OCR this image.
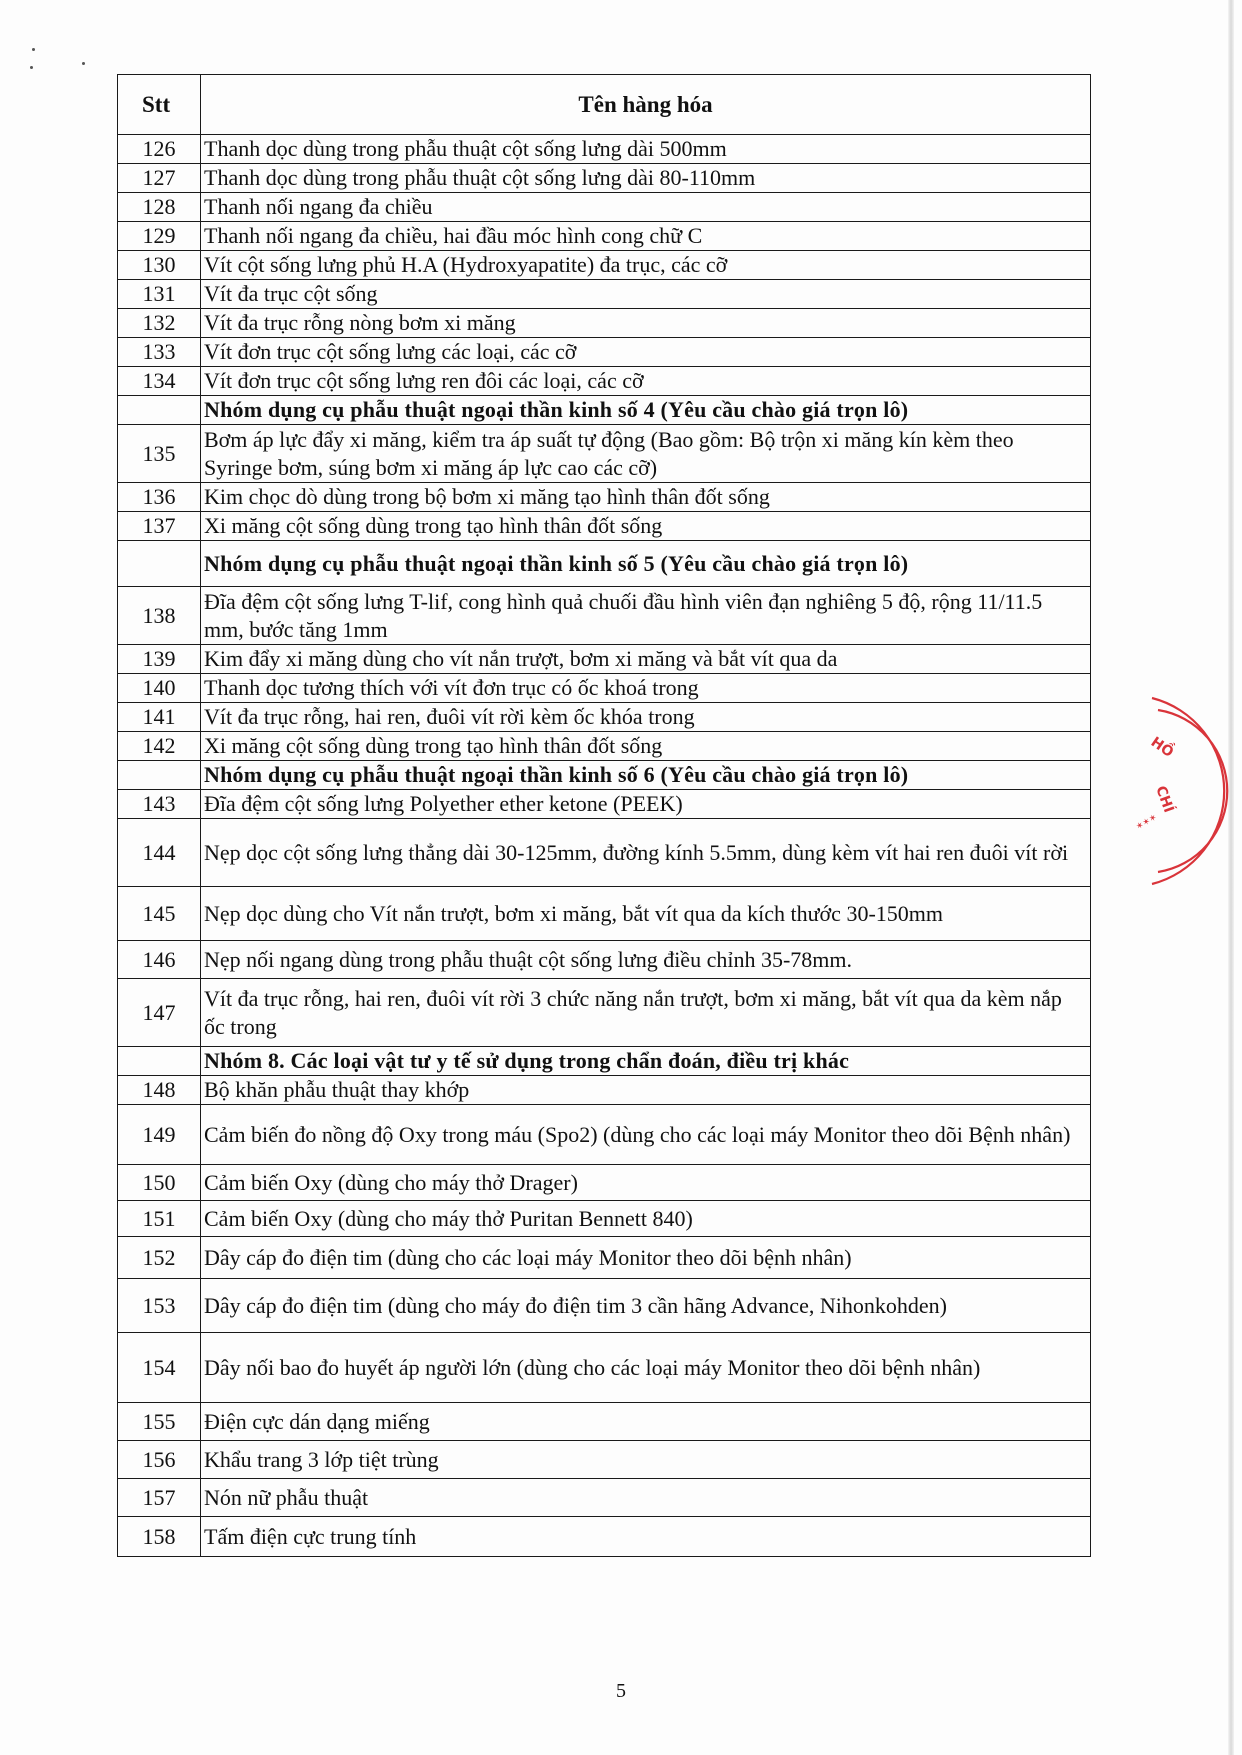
Stt	Tên hàng hóa
126	Thanh dọc dùng trong phẫu thuật cột sống lưng dài 500mm
127	Thanh dọc dùng trong phẫu thuật cột sống lưng dài 80-110mm
128	Thanh nối ngang đa chiều
129	Thanh nối ngang đa chiều, hai đầu móc hình cong chữ C
130	Vít cột sống lưng phủ H.A (Hydroxyapatite) đa trục, các cỡ
131	Vít đa trục cột sống
132	Vít đa trục rỗng nòng bơm xi măng
133	Vít đơn trục cột sống lưng các loại, các cỡ
134	Vít đơn trục cột sống lưng ren đôi các loại, các cỡ
	Nhóm dụng cụ phẫu thuật ngoại thần kinh số 4 (Yêu cầu chào giá trọn lô)
135	Bơm áp lực đẩy xi măng, kiểm tra áp suất tự động (Bao gồm: Bộ trộn xi măng kín kèm theo Syringe bơm, súng bơm xi măng áp lực cao các cỡ)
136	Kim chọc dò dùng trong bộ bơm xi măng tạo hình thân đốt sống
137	Xi măng cột sống dùng trong tạo hình thân đốt sống
	Nhóm dụng cụ phẫu thuật ngoại thần kinh số 5 (Yêu cầu chào giá trọn lô)
138	Đĩa đệm cột sống lưng T-lif, cong hình quả chuối đầu hình viên đạn nghiêng 5 độ, rộng 11/11.5 mm, bước tăng 1mm
139	Kim đẩy xi măng dùng cho vít nắn trượt, bơm xi măng và bắt vít qua da
140	Thanh dọc tương thích với vít đơn trục có ốc khoá trong
141	Vít đa trục rỗng, hai ren, đuôi vít rời kèm ốc khóa trong
142	Xi măng cột sống dùng trong tạo hình thân đốt sống
	Nhóm dụng cụ phẫu thuật ngoại thần kinh số 6 (Yêu cầu chào giá trọn lô)
143	Đĩa đệm cột sống lưng Polyether ether ketone (PEEK)
144	Nẹp dọc cột sống lưng thẳng dài 30-125mm, đường kính 5.5mm, dùng kèm vít hai ren đuôi vít rời
145	Nẹp dọc dùng cho Vít nắn trượt, bơm xi măng, bắt vít qua da kích thước 30-150mm
146	Nẹp nối ngang dùng trong phẫu thuật cột sống lưng điều chỉnh 35-78mm.
147	Vít đa trục rỗng, hai ren, đuôi vít rời 3 chức năng nắn trượt, bơm xi măng, bắt vít qua da kèm nắp ốc trong
	Nhóm 8. Các loại vật tư y tế sử dụng trong chẩn đoán, điều trị khác
148	Bộ khăn phẫu thuật thay khớp
149	Cảm biến đo nồng độ Oxy trong máu (Spo2) (dùng cho các loại máy Monitor theo dõi Bệnh nhân)
150	Cảm biến Oxy (dùng cho máy thở Drager)
151	Cảm biến Oxy (dùng cho máy thở Puritan Bennett 840)
152	Dây cáp đo điện tim (dùng cho các loại máy Monitor theo dõi bệnh nhân)
153	Dây cáp đo điện tim (dùng cho máy đo điện tim 3 cần hãng Advance, Nihonkohden)
154	Dây nối bao đo huyết áp người lớn (dùng cho các loại máy Monitor theo dõi bệnh nhân)
155	Điện cực dán dạng miếng
156	Khẩu trang 3 lớp tiệt trùng
157	Nón nữ phẫu thuật
158	Tấm điện cực trung tính
HỒ
CHÍ
✶✶✶
5
